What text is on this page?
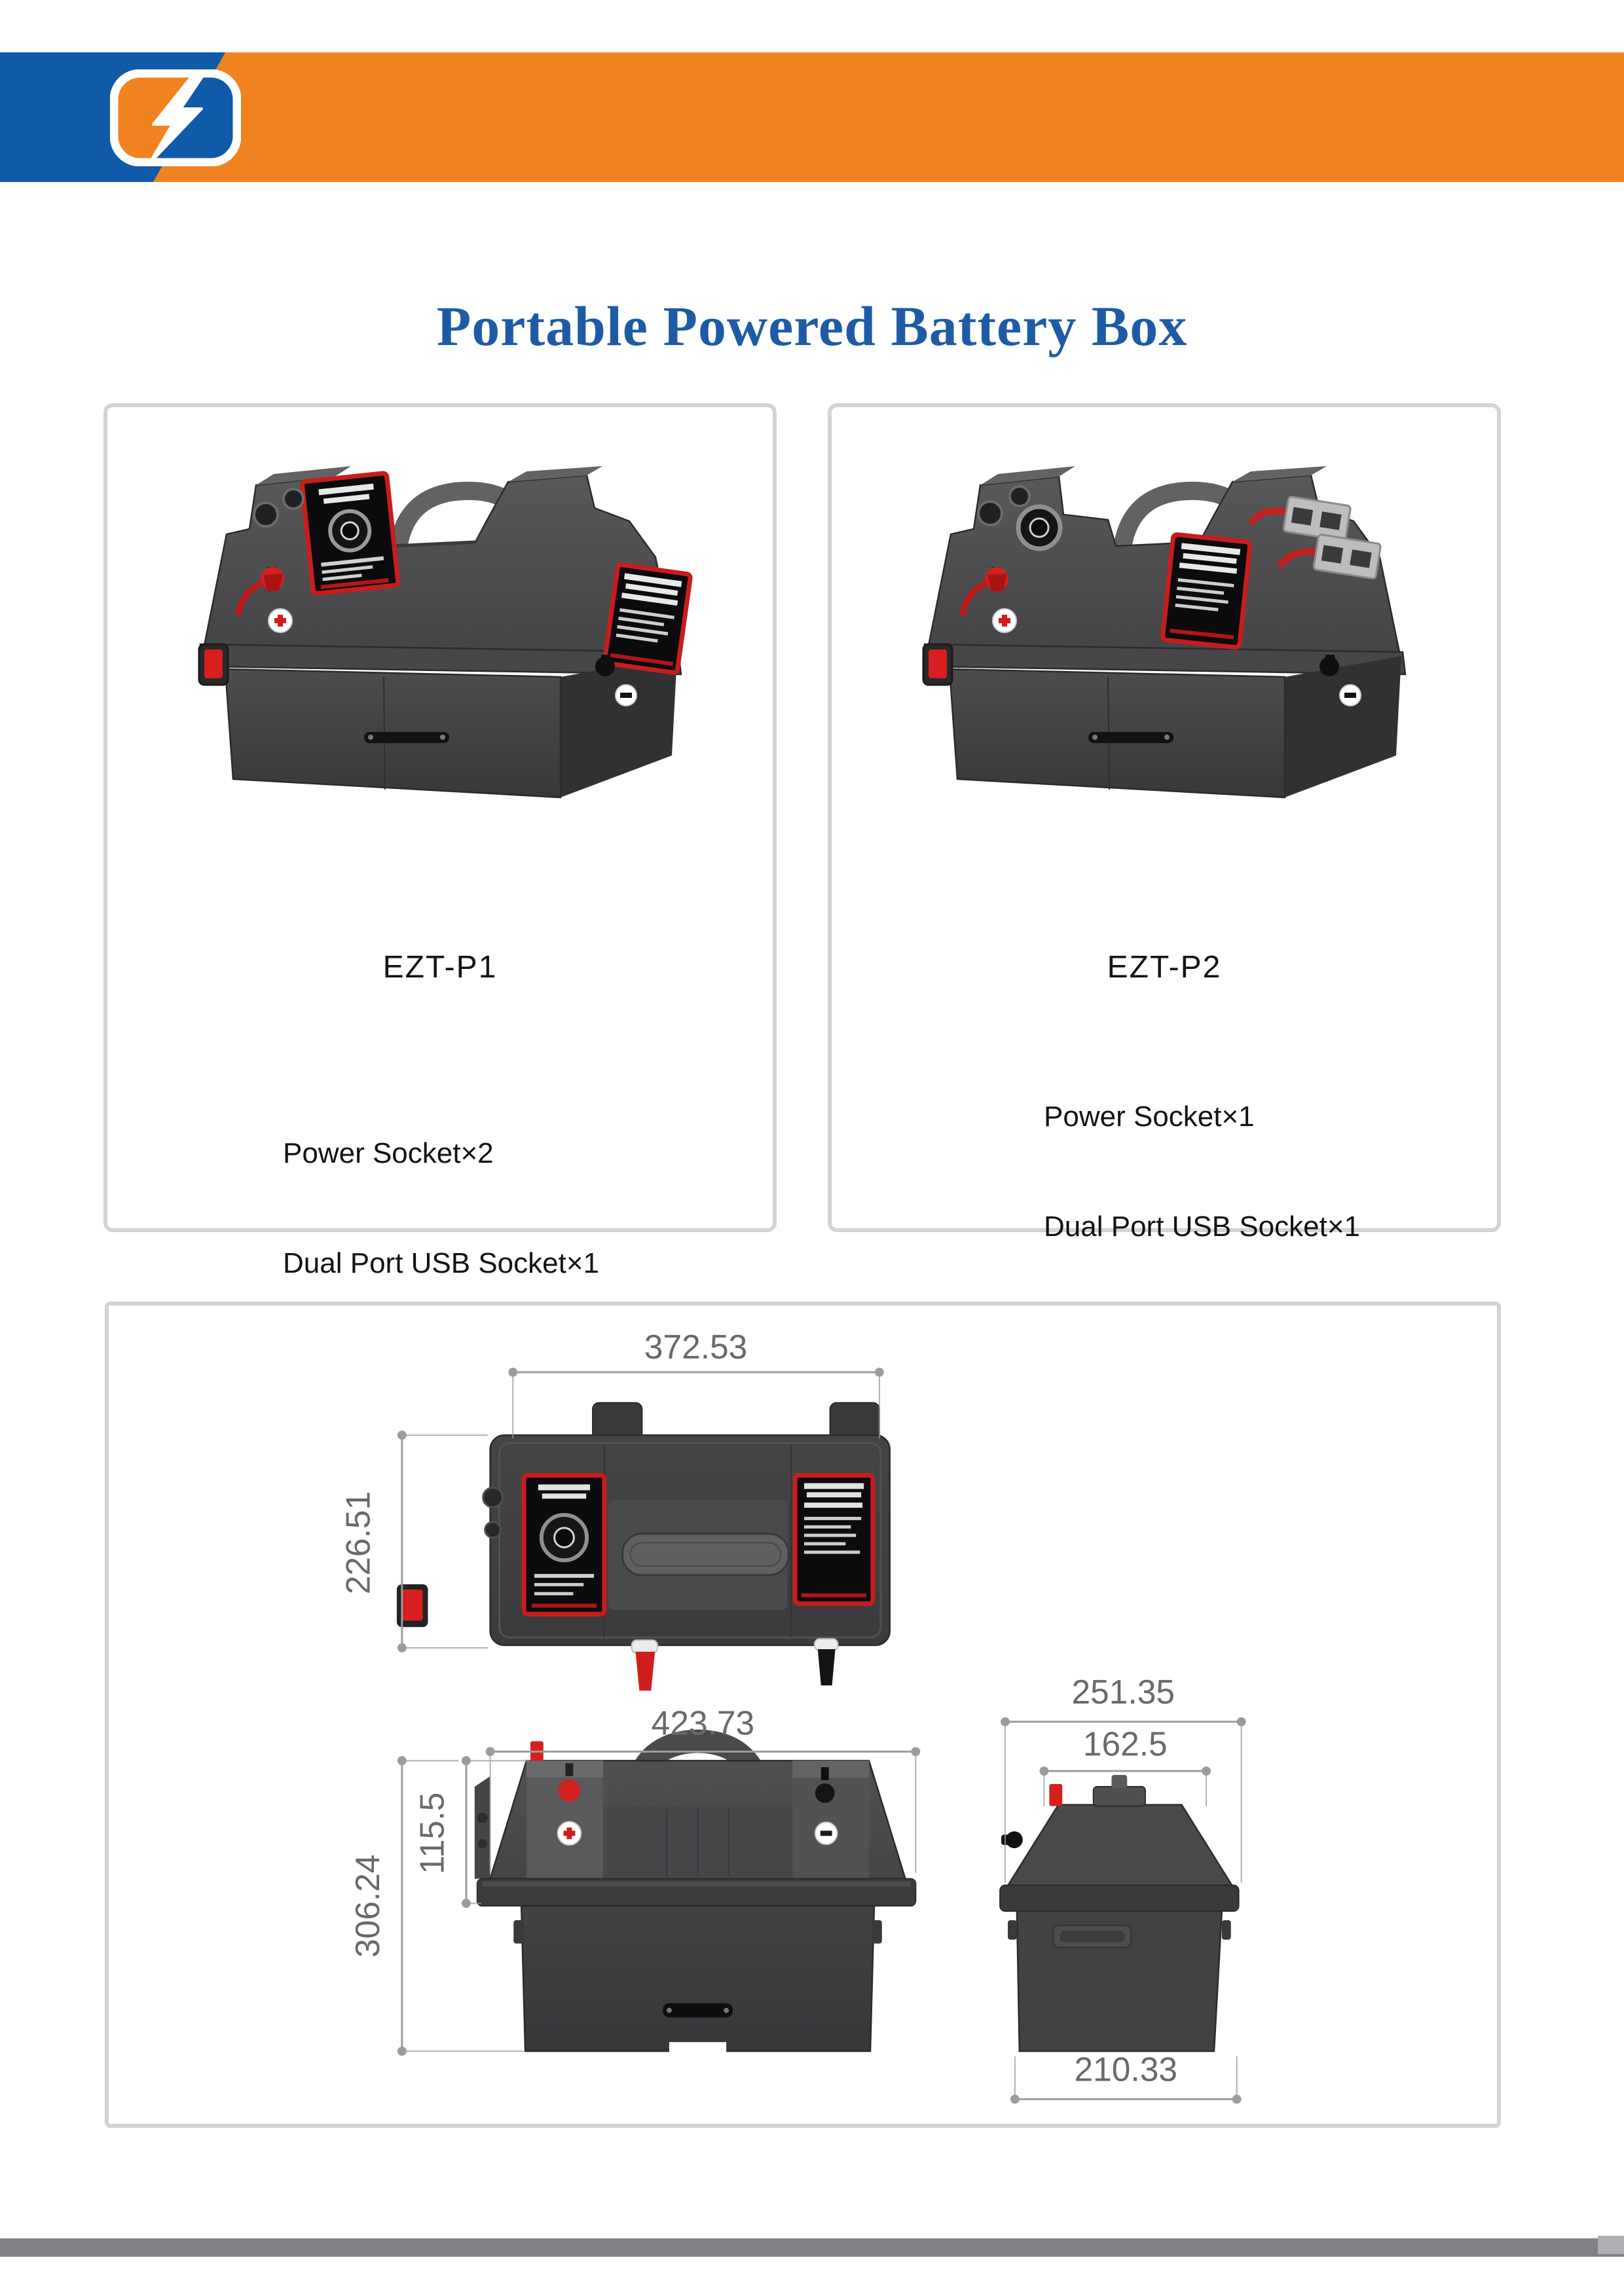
Portable Powered Battery Box
EZT-P1

Power Socket×2

Dual Port USB Socket×1

EZT-P2

Power Socket×1

Dual Port USB Socket×1

372.53
226.51
423.73
115.5
306.24
251.35
162.5
210.33
